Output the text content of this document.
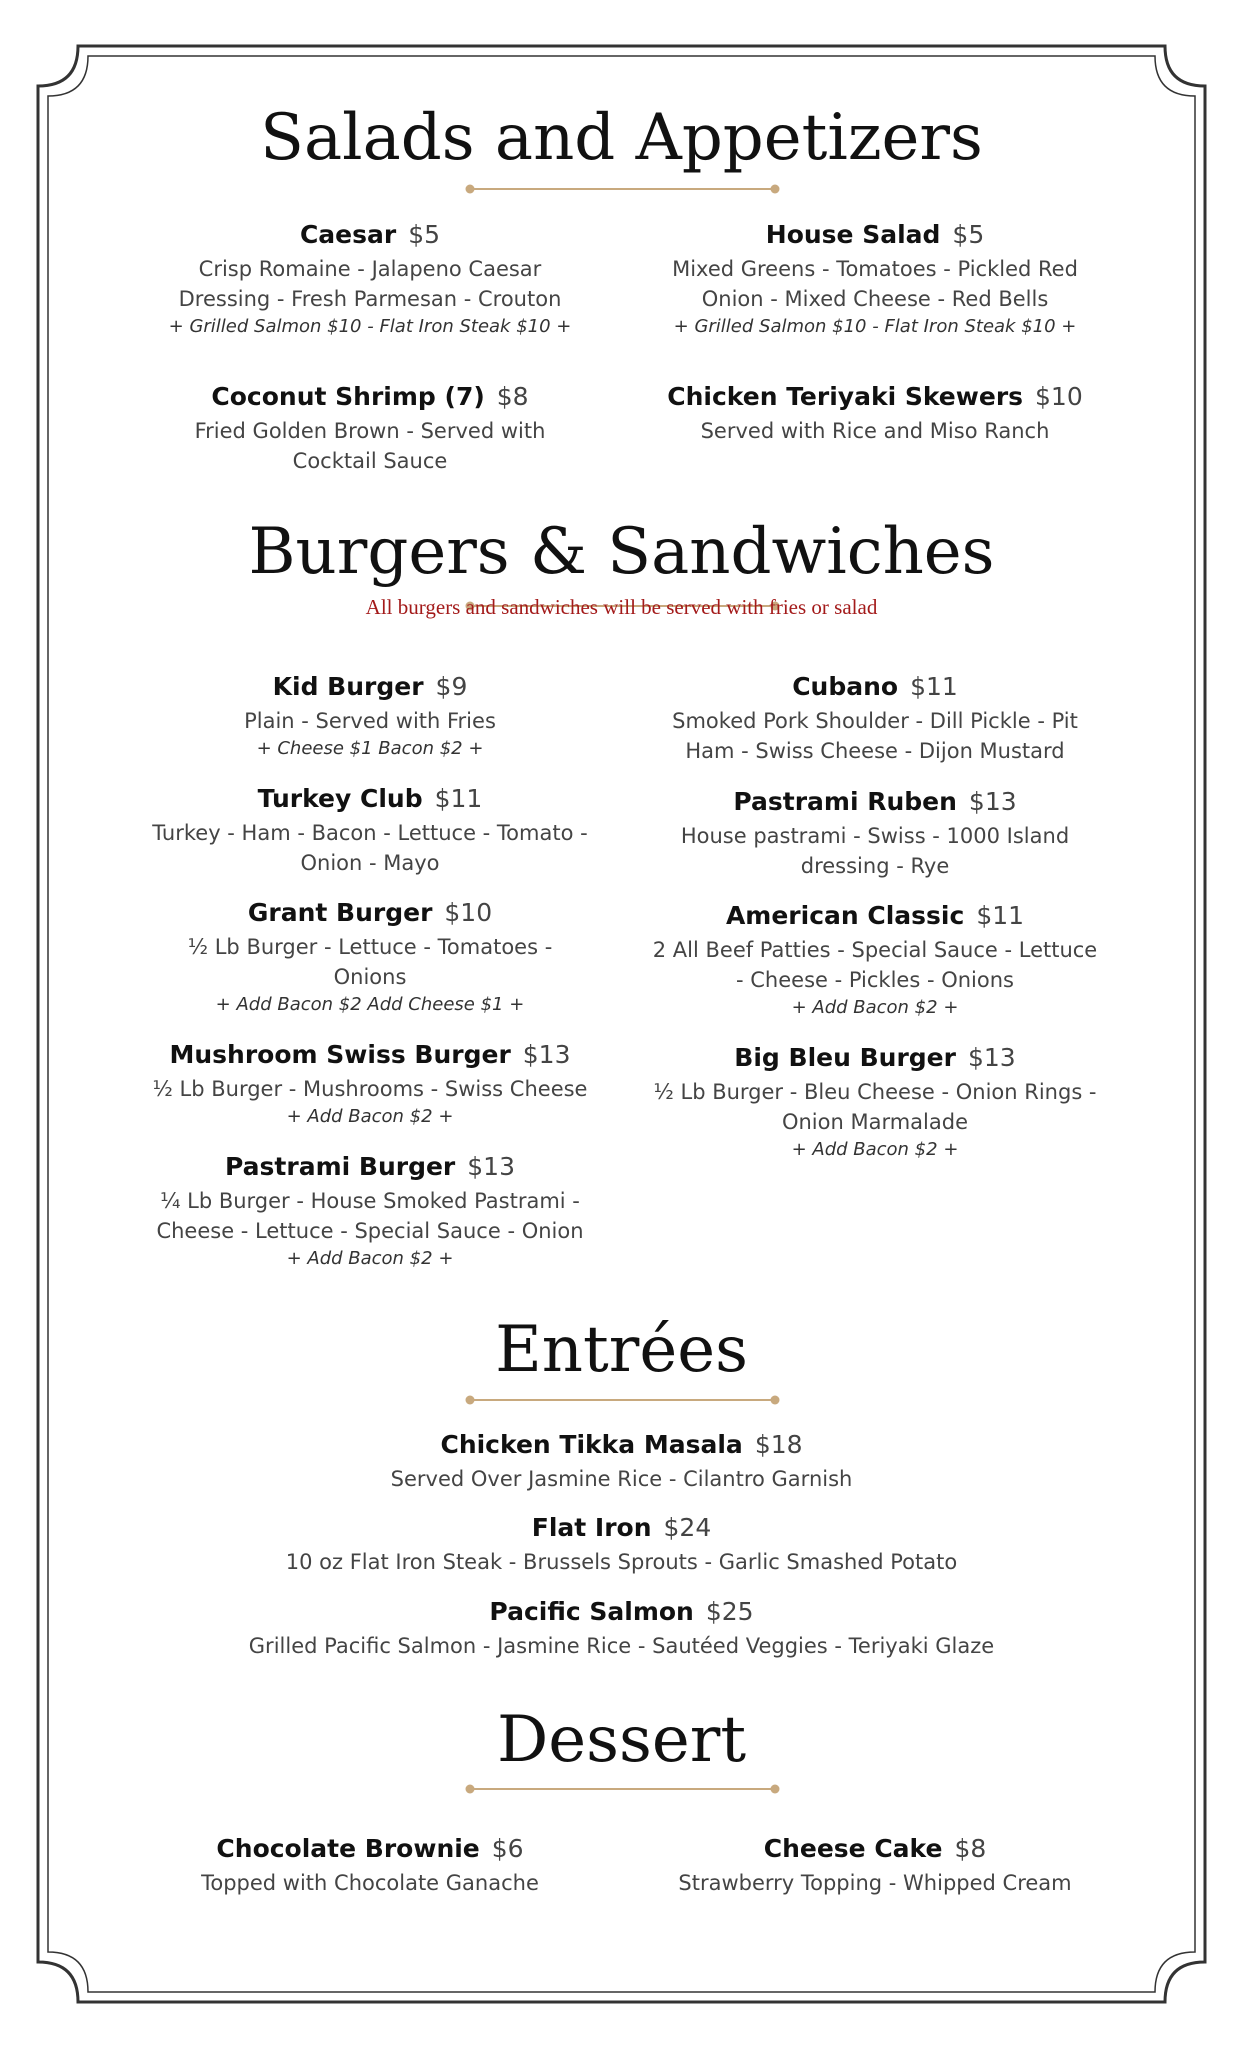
Salads and Appetizers
Caesar $5
Crisp Romaine - Jalapeno Caesar Dressing - Fresh Parmesan - Crouton
+ Grilled Salmon $10 - Flat Iron Steak $10 +
House Salad $5
Mixed Greens - Tomatoes - Pickled Red Onion - Mixed Cheese - Red Bells
+ Grilled Salmon $10 - Flat Iron Steak $10 +
Coconut Shrimp (7) $8
Fried Golden Brown - Served with Cocktail Sauce
Chicken Teriyaki Skewers $10
Served with Rice and Miso Ranch
Burgers & Sandwiches
All burgers and sandwiches will be served with fries or salad
Kid Burger $9
Plain - Served with Fries
+ Cheese $1 Bacon $2 +
Turkey Club $11
Turkey - Ham - Bacon - Lettuce - Tomato - Onion - Mayo
Grant Burger $10
½ Lb Burger - Lettuce - Tomatoes - Onions
+ Add Bacon $2 Add Cheese $1 +
Mushroom Swiss Burger $13
½ Lb Burger - Mushrooms - Swiss Cheese
+ Add Bacon $2 +
Pastrami Burger $13
¼ Lb Burger - House Smoked Pastrami - Cheese - Lettuce - Special Sauce - Onion
+ Add Bacon $2 +
Cubano $11
Smoked Pork Shoulder - Dill Pickle - Pit Ham - Swiss Cheese - Dijon Mustard
Pastrami Ruben $13
House pastrami - Swiss - 1000 Island dressing - Rye
American Classic $11
2 All Beef Patties - Special Sauce - Lettuce - Cheese - Pickles - Onions
+ Add Bacon $2 +
Big Bleu Burger $13
½ Lb Burger - Bleu Cheese - Onion Rings - Onion Marmalade
+ Add Bacon $2 +
Entrées
Chicken Tikka Masala $18
Served Over Jasmine Rice - Cilantro Garnish
Flat Iron $24
10 oz Flat Iron Steak - Brussels Sprouts - Garlic Smashed Potato
Pacific Salmon $25
Grilled Pacific Salmon - Jasmine Rice - Sautéed Veggies - Teriyaki Glaze
Dessert
Chocolate Brownie $6
Topped with Chocolate Ganache
Cheese Cake $8
Strawberry Topping - Whipped Cream
